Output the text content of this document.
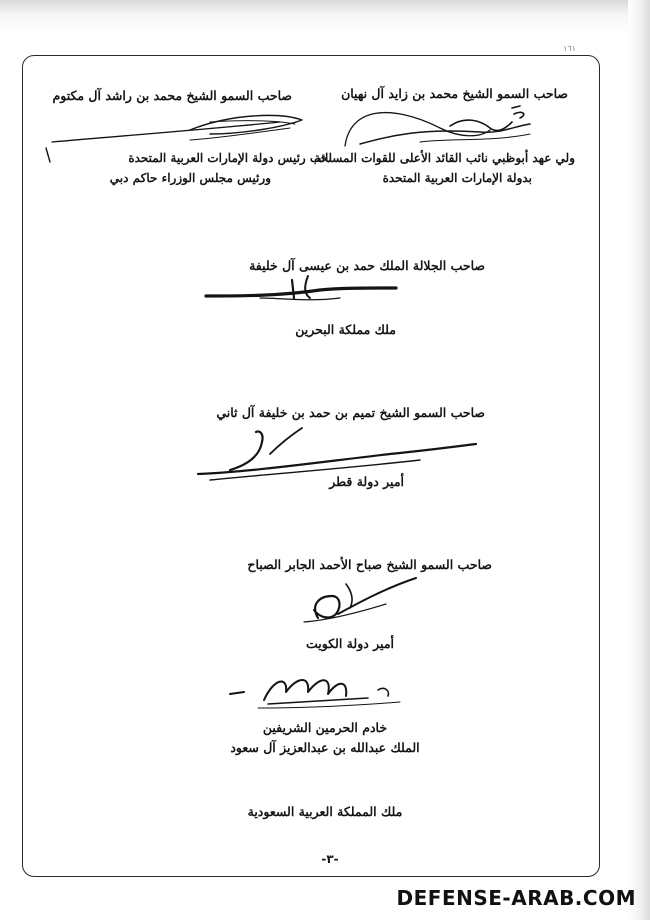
١٦١
صاحب السمو الشيخ محمد بن زايد آل نهيان
ولي عهد أبوظبي نائب القائد الأعلى للقوات المسلحة
بدولة الإمارات العربية المتحدة
صاحب السمو الشيخ محمد بن راشد آل مكتوم
نائب رئيس دولة الإمارات العربية المتحدة
ورئيس مجلس الوزراء حاكم دبي
صاحب الجلالة الملك حمد بن عيسى آل خليفة
ملك مملكة البحرين
صاحب السمو الشيخ تميم بن حمد بن خليفة آل ثاني
أمير دولة قطر
صاحب السمو الشيخ صباح الأحمد الجابر الصباح
أمير دولة الكويت
خادم الحرمين الشريفين
الملك عبدالله بن عبدالعزيز آل سعود
ملك المملكة العربية السعودية
-٣-
DEFENSE-ARAB.COM
